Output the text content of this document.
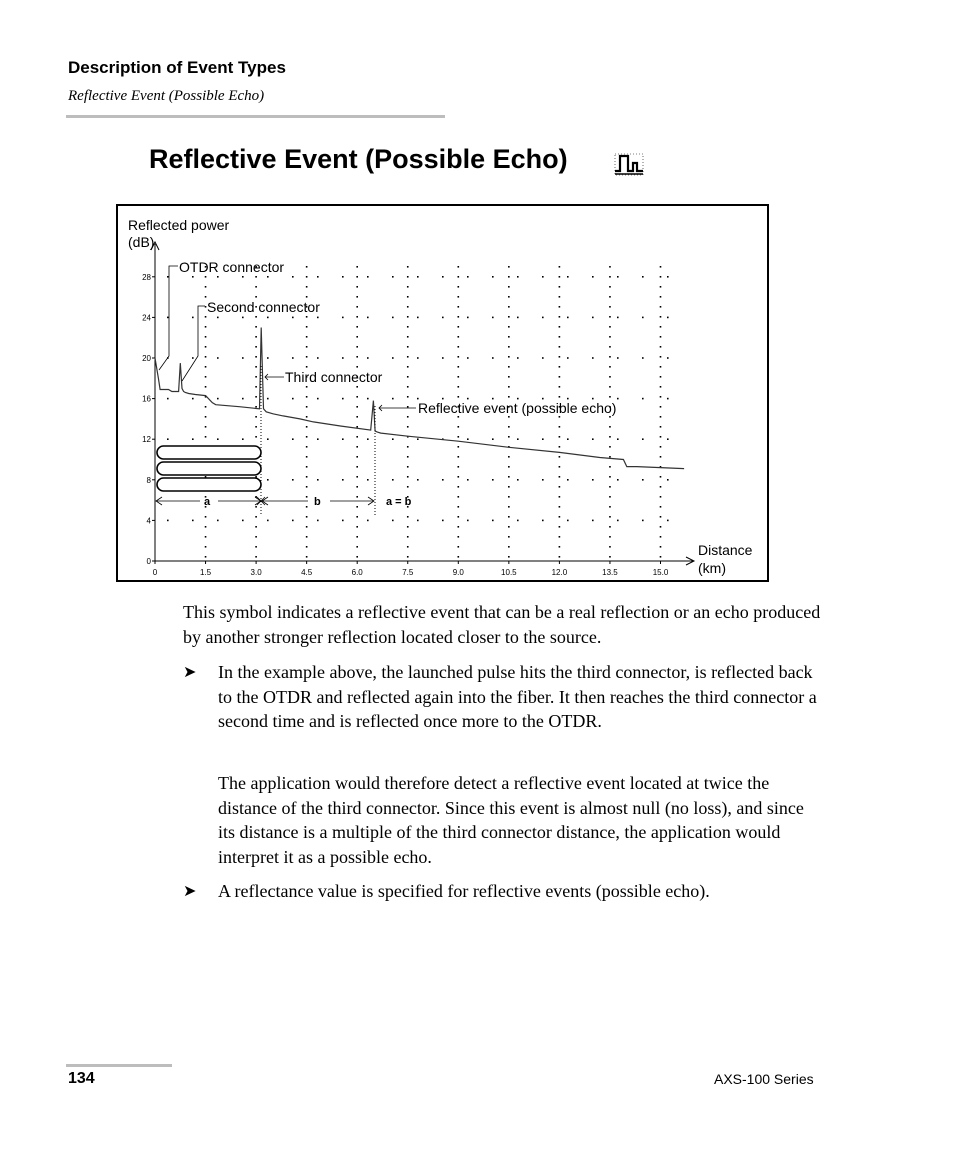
Description of Event Types
Reflective Event (Possible Echo)
Reflective Event (Possible Echo)
0
4
8
12
16
20
24
28
0	1.5	3.0	4.5	6.0	7.5	9.0	10.5	12.0	13.5	15.0
Reflected power
(dB)
Distance
(km)
a	b	a = b
OTDR connector
Second connector
Third connector
Reflective event (possible echo)
This symbol indicates a reflective event that can be a real reflection or an echo produced by another stronger reflection located closer to the source.
➤ In the example above, the launched pulse hits the third connector, is reflected back to the OTDR and reflected again into the fiber. It then reaches the third connector a second time and is reflected once more to the OTDR.
The application would therefore detect a reflective event located at twice the distance of the third connector. Since this event is almost null (no loss), and since its distance is a multiple of the third connector distance, the application would interpret it as a possible echo.
➤ A reflectance value is specified for reflective events (possible echo).
134	AXS-100 Series
